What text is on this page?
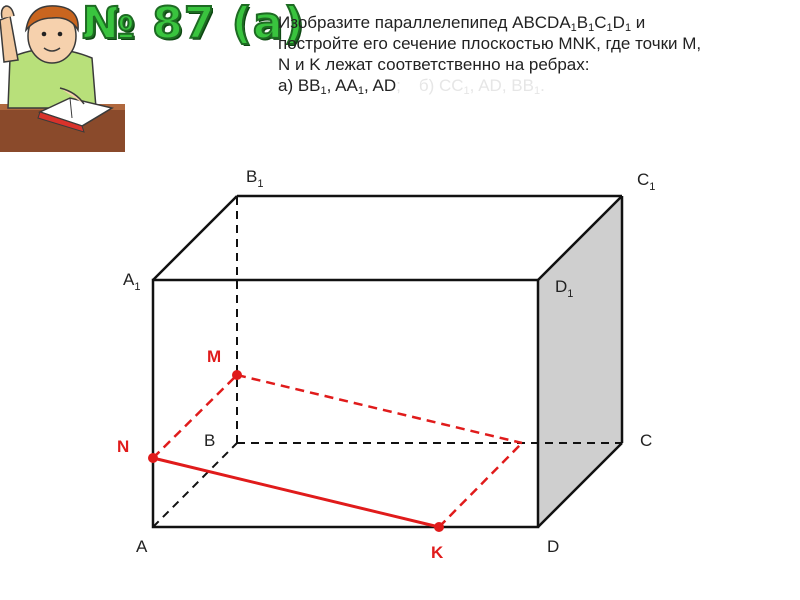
№ 87 (а)

Изобразите параллелепипед $ABCDA_1B_1C_1D_1$ и

постройте его сечение плоскостью MNK, где точки M,

N и K лежат соответственно на ребрах:

а) $BB_1$, $AA_1$, AD; б) $CC_1$, AD, $BB_1$.

M
N
K
A
B	C
D
$A_1$
$B_1$	$C_1$
$D_1$
